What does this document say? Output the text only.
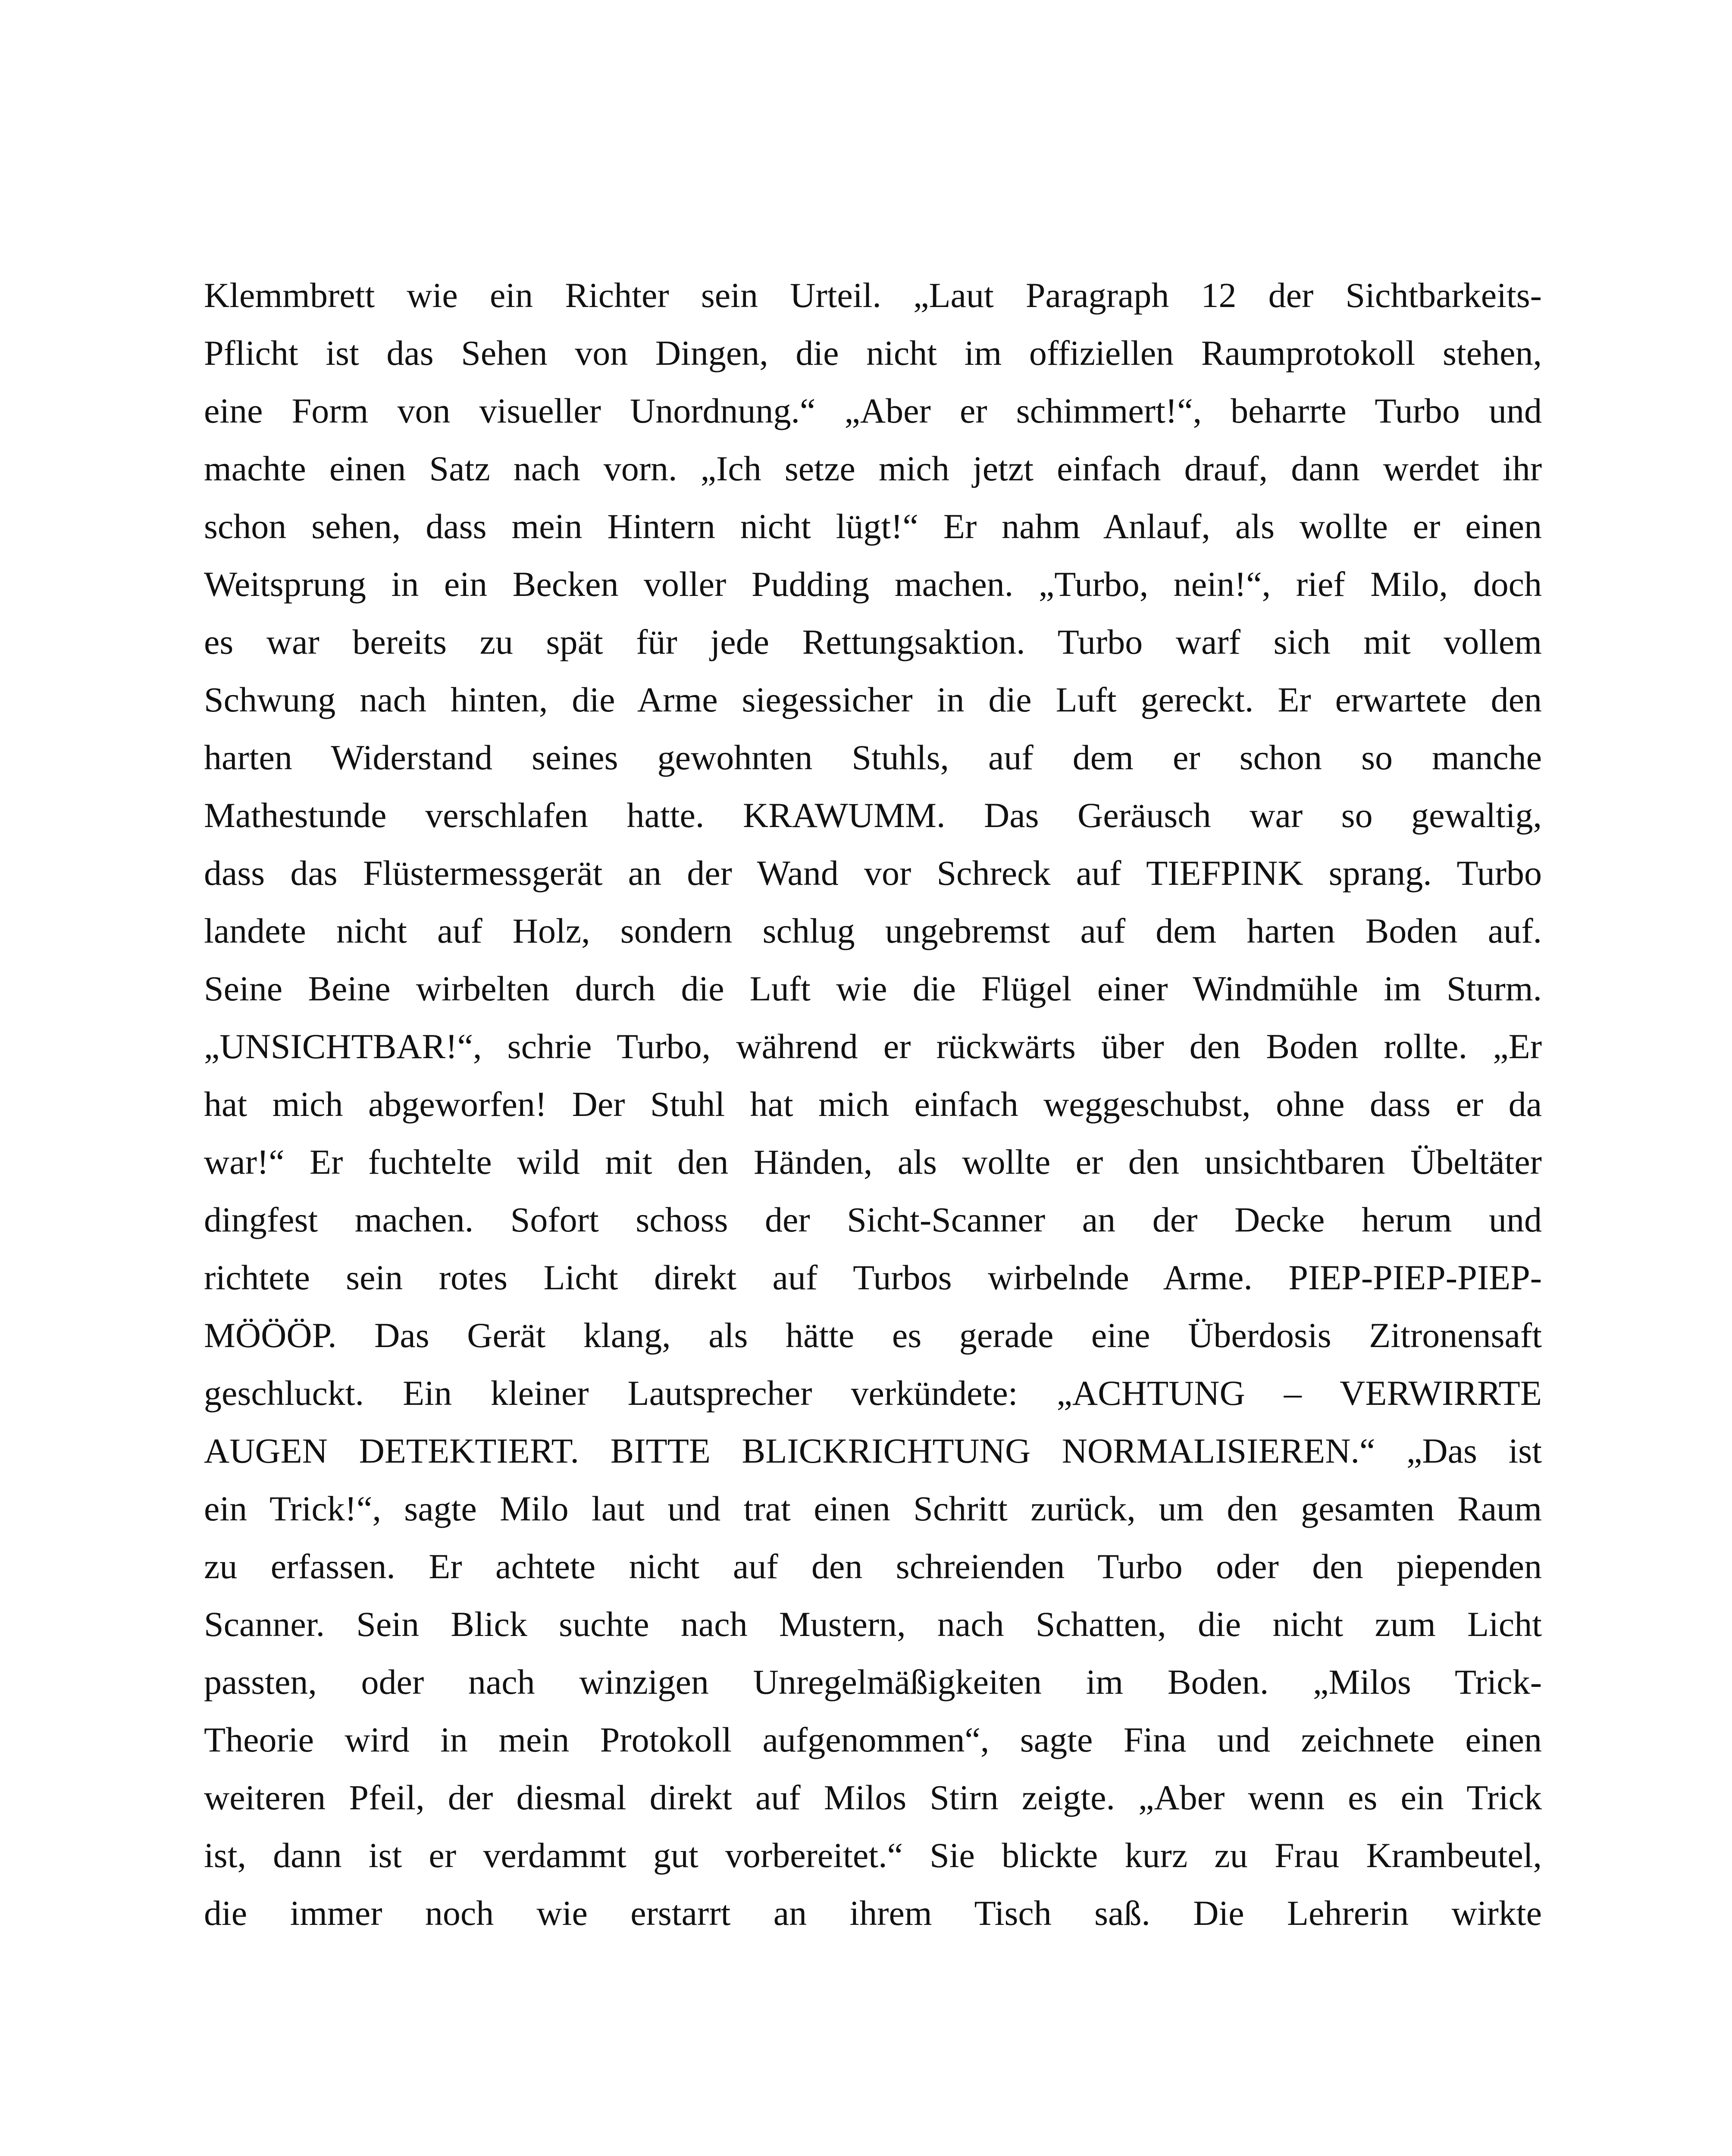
Klemmbrett wie ein Richter sein Urteil. „Laut Paragraph 12 der Sichtbarkeits-
Pflicht ist das Sehen von Dingen, die nicht im offiziellen Raumprotokoll stehen,
eine Form von visueller Unordnung.“ „Aber er schimmert!“, beharrte Turbo und
machte einen Satz nach vorn. „Ich setze mich jetzt einfach drauf, dann werdet ihr
schon sehen, dass mein Hintern nicht lügt!“ Er nahm Anlauf, als wollte er einen
Weitsprung in ein Becken voller Pudding machen. „Turbo, nein!“, rief Milo, doch
es war bereits zu spät für jede Rettungsaktion. Turbo warf sich mit vollem
Schwung nach hinten, die Arme siegessicher in die Luft gereckt. Er erwartete den
harten Widerstand seines gewohnten Stuhls, auf dem er schon so manche
Mathestunde verschlafen hatte. KRAWUMM. Das Geräusch war so gewaltig,
dass das Flüstermessgerät an der Wand vor Schreck auf TIEFPINK sprang. Turbo
landete nicht auf Holz, sondern schlug ungebremst auf dem harten Boden auf.
Seine Beine wirbelten durch die Luft wie die Flügel einer Windmühle im Sturm.
„UNSICHTBAR!“, schrie Turbo, während er rückwärts über den Boden rollte. „Er
hat mich abgeworfen! Der Stuhl hat mich einfach weggeschubst, ohne dass er da
war!“ Er fuchtelte wild mit den Händen, als wollte er den unsichtbaren Übeltäter
dingfest machen. Sofort schoss der Sicht-Scanner an der Decke herum und
richtete sein rotes Licht direkt auf Turbos wirbelnde Arme. PIEP-PIEP-PIEP-
MÖÖÖP. Das Gerät klang, als hätte es gerade eine Überdosis Zitronensaft
geschluckt. Ein kleiner Lautsprecher verkündete: „ACHTUNG – VERWIRRTE
AUGEN DETEKTIERT. BITTE BLICKRICHTUNG NORMALISIEREN.“ „Das ist
ein Trick!“, sagte Milo laut und trat einen Schritt zurück, um den gesamten Raum
zu erfassen. Er achtete nicht auf den schreienden Turbo oder den piependen
Scanner. Sein Blick suchte nach Mustern, nach Schatten, die nicht zum Licht
passten, oder nach winzigen Unregelmäßigkeiten im Boden. „Milos Trick-
Theorie wird in mein Protokoll aufgenommen“, sagte Fina und zeichnete einen
weiteren Pfeil, der diesmal direkt auf Milos Stirn zeigte. „Aber wenn es ein Trick
ist, dann ist er verdammt gut vorbereitet.“ Sie blickte kurz zu Frau Krambeutel,
die immer noch wie erstarrt an ihrem Tisch saß. Die Lehrerin wirkte
